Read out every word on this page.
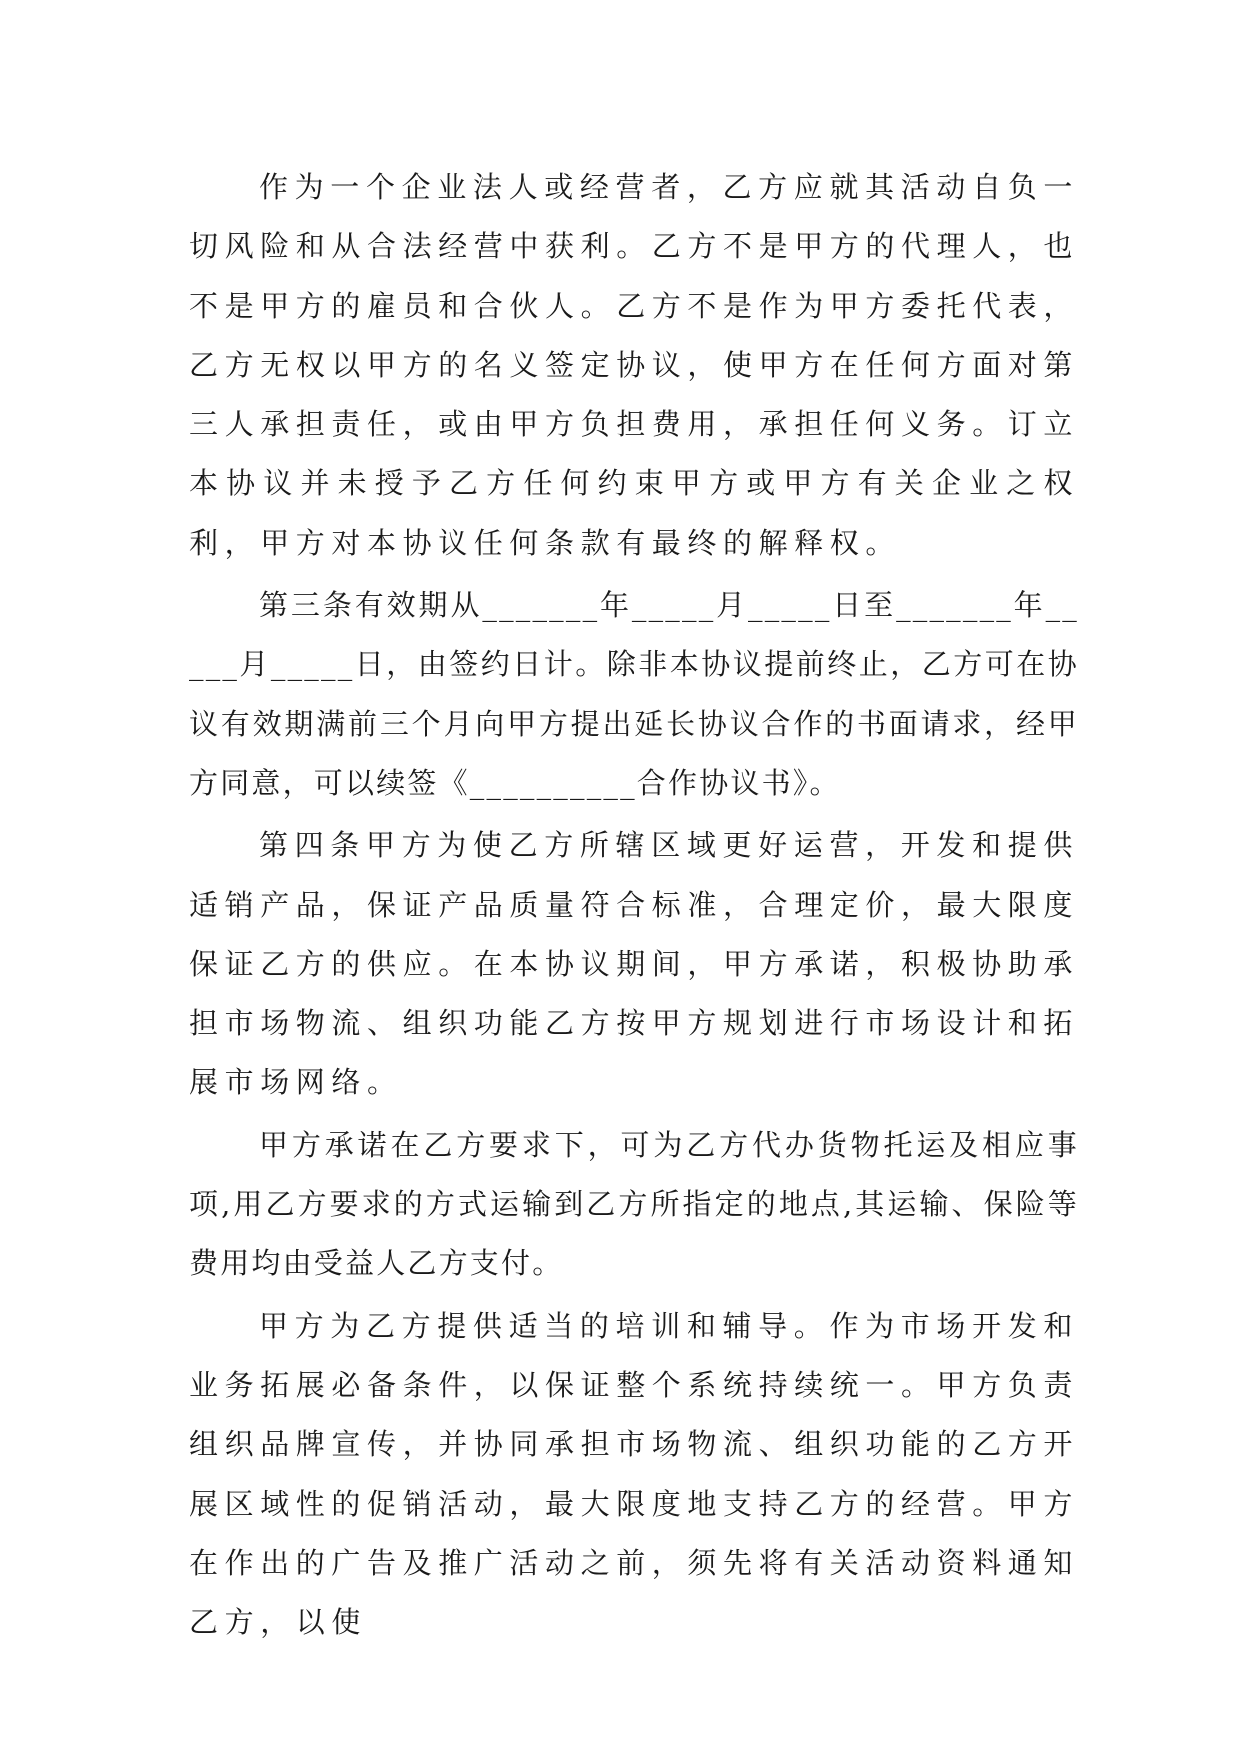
作为一个企业法人或经营者，乙方应就其活动自负一切风险和从合法经营中获利。乙方不是甲方的代理人，也不是甲方的雇员和合伙人。乙方不是作为甲方委托代表，乙方无权以甲方的名义签定协议，使甲方在任何方面对第三人承担责任，或由甲方负担费用，承担任何义务。订立本协议并未授予乙方任何约束甲方或甲方有关企业之权利，甲方对本协议任何条款有最终的解释权。

第三条有效期从_______年_____月_____日至_______年_____月_____日，由签约日计。除非本协议提前终止，乙方可在协议有效期满前三个月向甲方提出延长协议合作的书面请求，经甲方同意，可以续签《__________合作协议书》。

第四条甲方为使乙方所辖区域更好运营，开发和提供适销产品，保证产品质量符合标准，合理定价，最大限度保证乙方的供应。在本协议期间，甲方承诺，积极协助承担市场物流、组织功能乙方按甲方规划进行市场设计和拓展市场网络。

甲方承诺在乙方要求下，可为乙方代办货物托运及相应事项,用乙方要求的方式运输到乙方所指定的地点,其运输、保险等费用均由受益人乙方支付。

甲方为乙方提供适当的培训和辅导。作为市场开发和业务拓展必备条件，以保证整个系统持续统一。甲方负责组织品牌宣传，并协同承担市场物流、组织功能的乙方开展区域性的促销活动，最大限度地支持乙方的经营。甲方在作出的广告及推广活动之前，须先将有关活动资料通知乙方，以使
